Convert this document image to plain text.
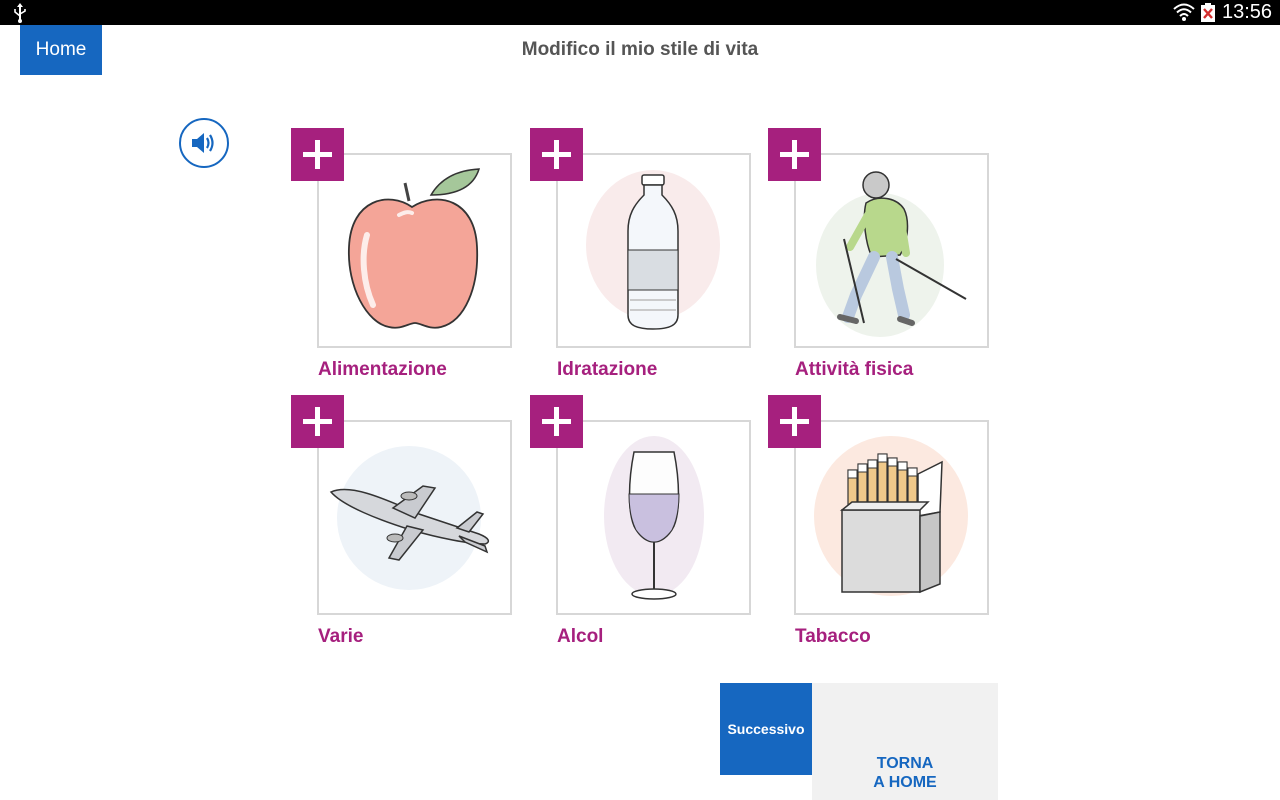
13:56
Home	Modifico il mio stile di vita
Alimentazione	Idratazione	Attività fisica
Varie	Alcol	Tabacco
Successivo
TORNA
A HOME
